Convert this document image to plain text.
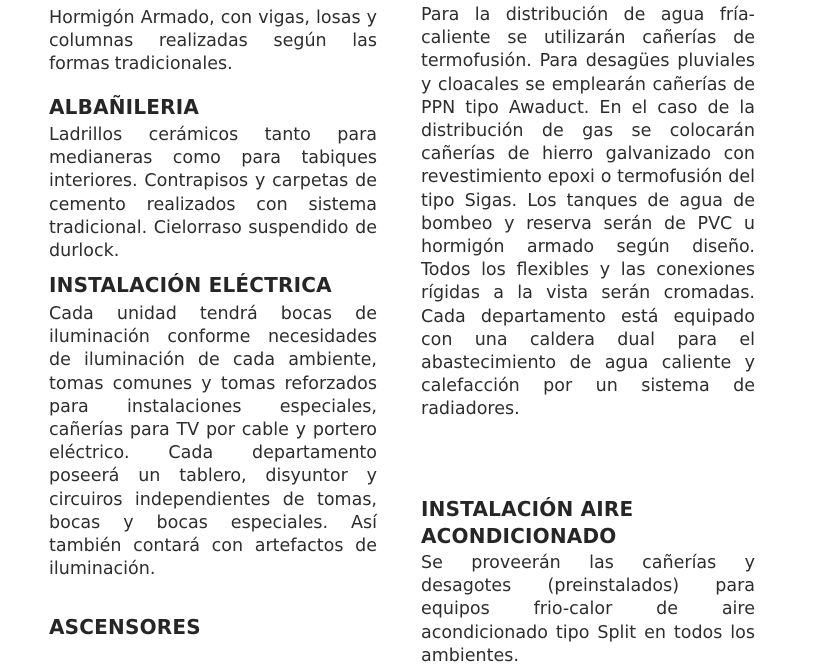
Hormigón Armado, con vigas, losas y columnas realizadas según las formas tradicionales.

ALBAÑILERIA

Ladrillos cerámicos tanto para medianeras como para tabiques interiores. Contrapisos y carpetas de cemento realizados con sistema tradicional. Cielorraso suspendido de durlock.

INSTALACIÓN ELÉCTRICA

Cada unidad tendrá bocas de iluminación conforme necesidades de iluminación de cada ambiente, tomas comunes y tomas reforzados para instalaciones especiales, cañerías para TV por cable y portero eléctrico. Cada departamento poseerá un tablero, disyuntor y circuiros independientes de tomas, bocas y bocas especiales. Así también contará con artefactos de iluminación.

ASCENSORES

Para la distribución de agua fría-caliente se utilizarán cañerías de termofusión. Para desagües pluviales y cloacales se emplearán cañerías de PPN tipo Awaduct. En el caso de la distribución de gas se colocarán cañerías de hierro galvanizado con revestimiento epoxi o termofusión del tipo Sigas. Los tanques de agua de bombeo y reserva serán de PVC u hormigón armado según diseño. Todos los flexibles y las conexiones rígidas a la vista serán cromadas. Cada departamento está equipado con una caldera dual para el abastecimiento de agua caliente y calefacción por un sistema de radiadores.

INSTALACIÓN AIRE ACONDICIONADO

Se proveerán las cañerías y desagotes (preinstalados) para equipos frio-calor de aire acondicionado tipo Split en todos los ambientes.
